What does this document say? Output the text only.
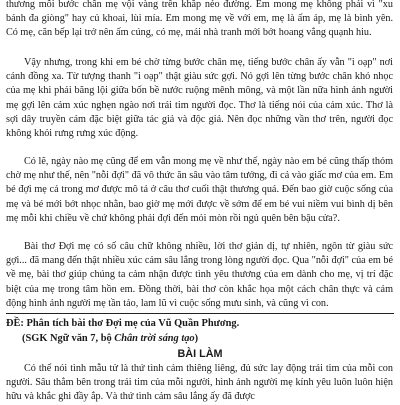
thương mỗi bước chân mẹ vội vàng trên khắp nẻo đường. Em mong mẹ không phải vì "xu bánh đa giòng" hay củ khoai, lùi mía. Em mong mẹ về với em, mẹ là ấm áp, mẹ là bình yên. Có mẹ, căn bếp lại trở nên ấm cúng, có mẹ, mái nhà tranh mới bớt hoang vắng quạnh hiu.

Vậy nhưng, trong khi em bé chờ từng bước chân mẹ, tiếng bước chân ấy vẫn "i oạp" nơi cánh đồng xa. Từ tượng thanh "i oạp" thật giàu sức gợi. Nó gợi lên từng bước chân khó nhọc của mẹ khi phải băng lội giữa bốn bề nước ruộng mênh mông, và một lần nữa hình ảnh người mẹ gợi lên cảm xúc nghẹn ngào nơi trái tim người đọc. Thơ là tiếng nói của cảm xúc. Thơ là sợi dây truyền cảm đặc biệt giữa tác giả và độc giả. Nên đọc những vần thơ trên, người đọc không khỏi rưng rưng xúc động.

Có lẽ, ngày nào mẹ cũng để em vẫn mong mẹ về như thế, ngày nào em bé cũng thấp thỏm chờ mẹ như thế, nên "nỗi đợi" đã vô thức ăn sâu vào tâm tưởng, đi cả vào giấc mơ của em. Em bé đợi mẹ cả trong mơ được mô tả ở câu thơ cuối thật thương quá. Đến bao giờ cuộc sống của mẹ và bé mới bớt nhọc nhằn, bao giờ mẹ mới được về sớm để em bé vui niềm vui bình dị bên mẹ mỗi khi chiều về chứ không phải đợi đến mỏi mòn rồi ngủ quên bên bậu cửa?.

Bài thơ Đợi mẹ có số câu chữ không nhiều, lời thơ giản dị, tự nhiên, ngôn từ giàu sức gợi... đã mang đến thật nhiều xúc cảm sâu lắng trong lòng người đọc. Qua "nỗi đợi" của em bé về mẹ, bài thơ giúp chúng ta cảm nhận được tình yêu thương của em dành cho mẹ, vị trí đặc biệt của mẹ trong tâm hồn em. Đồng thời, bài thơ còn khắc họa một cách chân thực và cảm động hình ảnh người mẹ tần tảo, lam lũ vì cuộc sống mưu sinh, và cũng vì con.

ĐỀ: Phân tích bài thơ Đợi mẹ của Vũ Quần Phương.
(SGK Ngữ văn 7, bộ Chân trời sáng tạo)
BÀI LÀM

Có thể nói tình mẫu tử là thứ tình cảm thiêng liêng, đủ sức lay động trái tim của mỗi con người. Sâu thẳm bên trong trái tim của mỗi người, hình ảnh người mẹ kính yêu luôn luôn hiện hữu và khắc ghi đầy ắp. Và thứ tình cảm sâu lắng ấy đã được
